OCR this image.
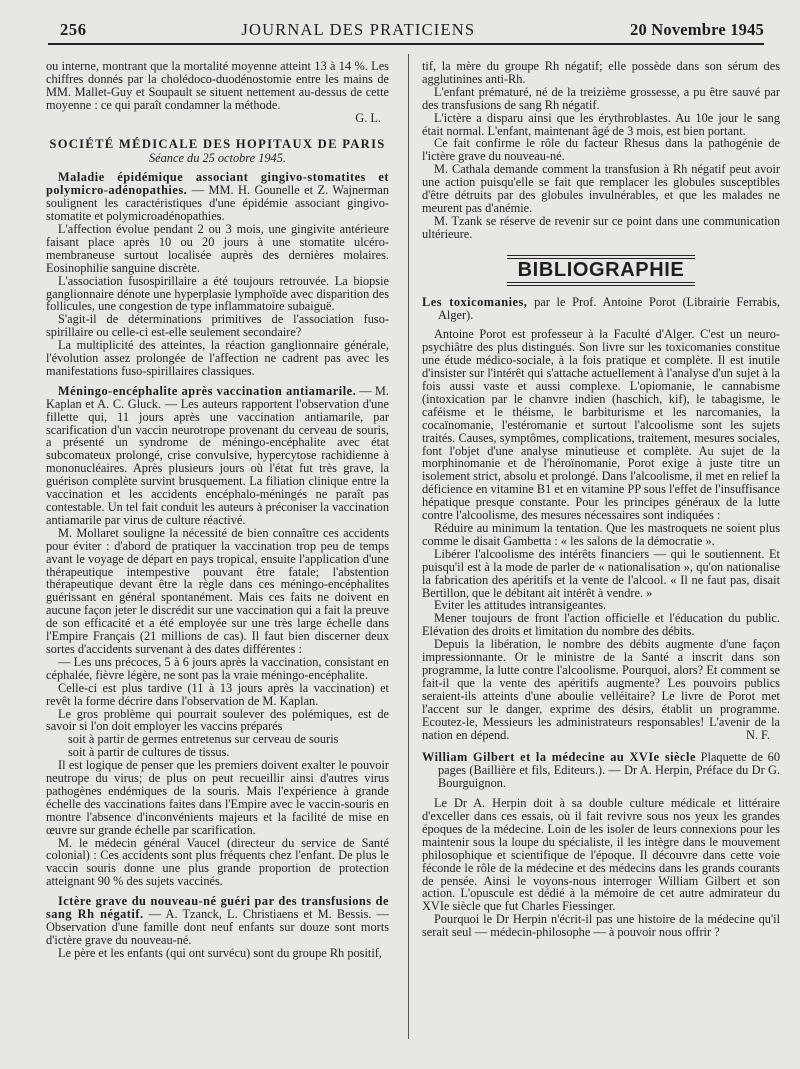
256	JOURNAL DES PRATICIENS	20 Novembre 1945

ou interne, montrant que la mortalité moyenne atteint 13 à 14 %. Les chiffres donnés par la cholédoco-duodénostomie entre les mains de MM. Mallet-Guy et Soupault se situent nettement au-dessus de cette moyenne : ce qui paraît condamner la méthode.

G. L.
SOCIÉTÉ MÉDICALE DES HOPITAUX DE PARIS
Séance du 25 octobre 1945.

Maladie épidémique associant gingivo-stomatites et polymicro-adénopathies. — MM. H. Gounelle et Z. Wajnerman soulignent les caractéristiques d'une épidémie associant gingivo-stomatite et polymicroadénopathies.

L'affection évolue pendant 2 ou 3 mois, une gingivite antérieure faisant place après 10 ou 20 jours à une stomatite ulcéro-membraneuse surtout localisée auprès des dernières molaires. Eosinophilie sanguine discrète.

L'association fusospirillaire a été toujours retrouvée. La biopsie ganglionnaire dénote une hyperplasie lymphoïde avec disparition des follicules, une congestion de type inflammatoire subaiguë.

S'agit-il de déterminations primitives de l'association fuso-spirillaire ou celle-ci est-elle seulement secondaire?

La multiplicité des atteintes, la réaction ganglionnaire générale, l'évolution assez prolongée de l'affection ne cadrent pas avec les manifestations fuso-spirillaires classiques.

Méningo-encéphalite après vaccination antiamarile. — M. Kaplan et A. C. Gluck. — Les auteurs rapportent l'observation d'une fillette qui, 11 jours après une vaccination antiamarile, par scarification d'un vaccin neurotrope provenant du cerveau de souris, a présenté un syndrome de méningo-encéphalite avec état subcomateux prolongé, crise convulsive, hypercytose rachidienne à mononucléaires. Après plusieurs jours où l'état fut très grave, la guérison complète survint brusquement. La filiation clinique entre la vaccination et les accidents encéphalo-méningés ne paraît pas contestable. Un tel fait conduit les auteurs à préconiser la vaccination antiamarile par virus de culture réactivé.

M. Mollaret souligne la nécessité de bien connaître ces accidents pour éviter : d'abord de pratiquer la vaccination trop peu de temps avant le voyage de départ en pays tropical, ensuite l'application d'une thérapeutique intempestive pouvant être fatale; l'abstention thérapeutique devant être la règle dans ces méningo-encéphalites guérissant en général spontanément. Mais ces faits ne doivent en aucune façon jeter le discrédit sur une vaccination qui a fait la preuve de son efficacité et a été employée sur une très large échelle dans l'Empire Français (21 millions de cas). Il faut bien discerner deux sortes d'accidents survenant à des dates différentes :

— Les uns précoces, 5 à 6 jours après la vaccination, consistant en céphalée, fièvre légère, ne sont pas la vraie méningo-encéphalite.

Celle-ci est plus tardive (11 à 13 jours après la vaccination) et revêt la forme décrire dans l'observation de M. Kaplan.

Le gros problème qui pourrait soulever des polémiques, est de savoir si l'on doit employer les vaccins préparés

soit à partir de germes entretenus sur cerveau de souris

soit à partir de cultures de tissus.

Il est logique de penser que les premiers doivent exalter le pouvoir neutrope du virus; de plus on peut recueillir ainsi d'autres virus pathogènes endémiques de la souris. Mais l'expérience à grande échelle des vaccinations faites dans l'Empire avec le vaccin-souris en montre l'absence d'inconvénients majeurs et la facilité de mise en œuvre sur grande échelle par scarification.

M. le médecin général Vaucel (directeur du service de Santé colonial) : Ces accidents sont plus fréquents chez l'enfant. De plus le vaccin souris donne une plus grande proportion de protection atteignant 90 % des sujets vaccinés.

Ictère grave du nouveau-né guéri par des transfusions de sang Rh négatif. — A. Tzanck, L. Christiaens et M. Bessis. — Observation d'une famille dont neuf enfants sur douze sont morts d'ictère grave du nouveau-né.

Le père et les enfants (qui ont survécu) sont du groupe Rh positif,

tif, la mère du groupe Rh négatif; elle possède dans son sérum des agglutinines anti-Rh.

L'enfant prématuré, né de la treizième grossesse, a pu être sauvé par des transfusions de sang Rh négatif.

L'ictère a disparu ainsi que les érythroblastes. Au 10e jour le sang était normal. L'enfant, maintenant âgé de 3 mois, est bien portant.

Ce fait confirme le rôle du facteur Rhesus dans la pathogénie de l'ictère grave du nouveau-né.

M. Cathala demande comment la transfusion à Rh négatif peut avoir une action puisqu'elle se fait que remplacer les globules susceptibles d'être détruits par des globules invulnérables, et que les malades ne meurent pas d'anémie.

M. Tzank se réserve de revenir sur ce point dans une communication ultérieure.

BIBLIOGRAPHIE

Les toxicomanies, par le Prof. Antoine Porot (Librairie Ferrabis, Alger).

Antoine Porot est professeur à la Faculté d'Alger. C'est un neuro-psychiâtre des plus distingués. Son livre sur les toxicomanies constitue une étude médico-sociale, à la fois pratique et complète. Il est inutile d'insister sur l'intérêt qui s'attache actuellement à l'analyse d'un sujet à la fois aussi vaste et aussi complexe. L'opiomanie, le cannabisme (intoxication par le chanvre indien (haschich, kif), le tabagisme, le caféisme et le théisme, le barbiturisme et les narcomanies, la cocaïnomanie, l'estéromanie et surtout l'alcoolisme sont les sujets traités. Causes, symptômes, complications, traitement, mesures sociales, font l'objet d'une analyse minutieuse et complète. Au sujet de la morphinomanie et de l'héroïnomanie, Porot exige à juste titre un isolement strict, absolu et prolongé. Dans l'alcoolisme, il met en relief la déficience en vitamine B1 et en vitamine PP sous l'effet de l'insuffisance hépatique presque constante. Pour les principes généraux de la lutte contre l'alcoolisme, des mesures nécessaires sont indiquées :

Réduire au minimum la tentation. Que les mastroquets ne soient plus comme le disait Gambetta : « les salons de la démocratie ».

Libérer l'alcoolisme des intérêts financiers — qui le soutiennent. Et puisqu'il est à la mode de parler de « nationalisation », qu'on nationalise la fabrication des apéritifs et la vente de l'alcool. « Il ne faut pas, disait Bertillon, que le débitant ait intérêt à vendre. »

Eviter les attitudes intransigeantes.

Mener toujours de front l'action officielle et l'éducation du public. Elévation des droits et limitation du nombre des débits.

Depuis la libération, le nombre des débits augmente d'une façon impressionnante. Or le ministre de la Santé a inscrit dans son programme, la lutte contre l'alcoolisme. Pourquoi, alors? Et comment se fait-il que la vente des apéritifs augmente? Les pouvoirs publics seraient-ils atteints d'une aboulie velléitaire? Le livre de Porot met l'accent sur le danger, exprime des désirs, établit un programme. Ecoutez-le, Messieurs les administrateurs responsables! L'avenir de la nation en dépend.	N. F.

William Gilbert et la médecine au XVIe siècle Plaquette de 60 pages (Baillière et fils, Editeurs.). — Dr A. Herpin, Préface du Dr G. Bourguignon.

Le Dr A. Herpin doit à sa double culture médicale et littéraire d'exceller dans ces essais, où il fait revivre sous nos yeux les grandes époques de la médecine. Loin de les isoler de leurs connexions pour les maintenir sous la loupe du spécialiste, il les intègre dans le mouvement philosophique et scientifique de l'époque. Il découvre dans cette voie féconde le rôle de la médecine et des médecins dans les grands courants de pensée. Ainsi le voyons-nous interroger William Gilbert et son action. L'opuscule est dédié à la mémoire de cet autre admirateur du XVIe siècle que fut Charles Fiessinger.

Pourquoi le Dr Herpin n'écrit-il pas une histoire de la médecine qu'il serait seul — médecin-philosophe — à pouvoir nous offrir ?
